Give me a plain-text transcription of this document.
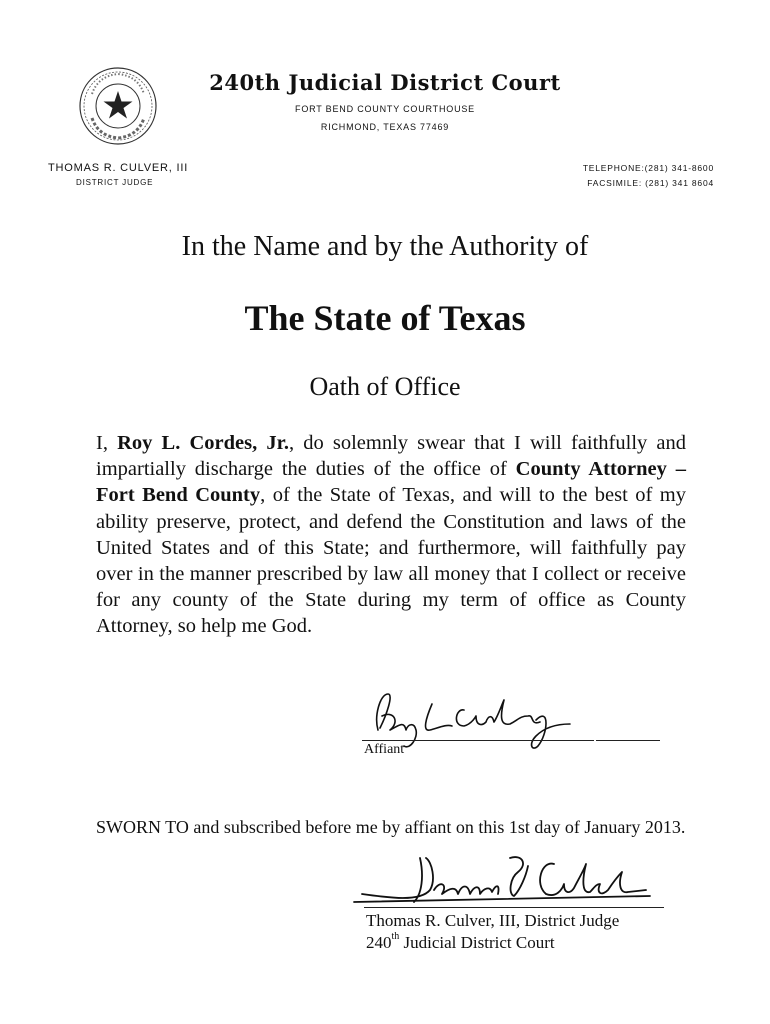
240th Judicial District Court
FORT BEND COUNTY COURTHOUSE
RICHMOND, TEXAS 77469
THOMAS R. CULVER, III
DISTRICT JUDGE
TELEPHONE:(281) 341-8600
FACSIMILE: (281) 341 8604
In the Name and by the Authority of
The State of Texas
Oath of Office
I, Roy L. Cordes, Jr., do solemnly swear that I will faithfully and impartially discharge the duties of the office of County Attorney – Fort Bend County, of the State of Texas, and will to the best of my ability preserve, protect, and defend the Constitution and laws of the United States and of this State; and furthermore, will faithfully pay over in the manner prescribed by law all money that I collect or receive for any county of the State during my term of office as County Attorney, so help me God.
Affiant
SWORN TO and subscribed before me by affiant on this 1st day of January 2013.
Thomas R. Culver, III, District Judge
240th Judicial District Court
